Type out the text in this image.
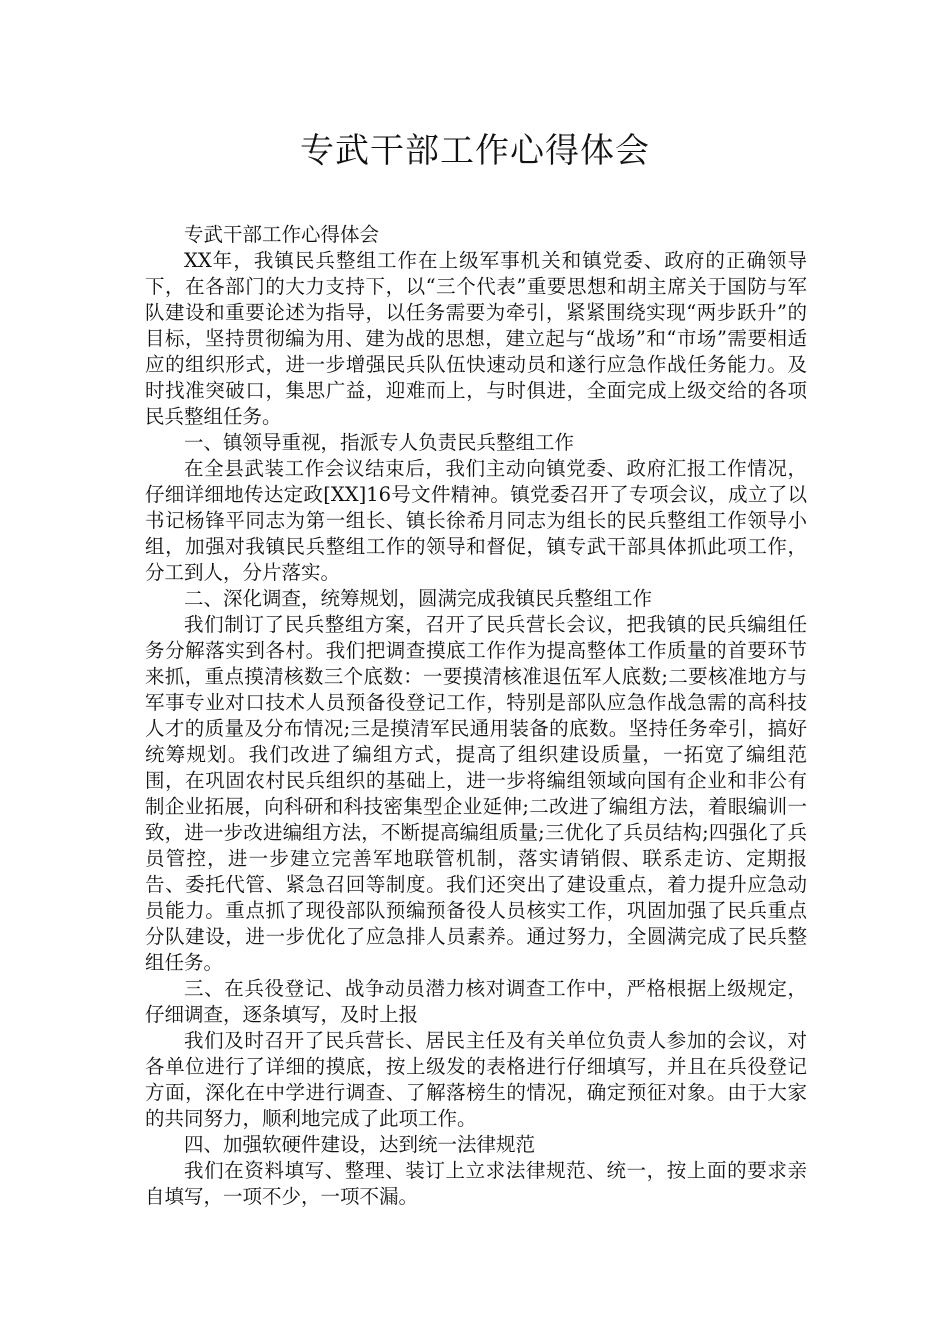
专武干部工作心得体会

专武干部工作心得体会

XX年，我镇民兵整组工作在上级军事机关和镇党委、政府的正确领导下，在各部门的大力支持下，以“三个代表”重要思想和胡主席关于国防与军队建设和重要论述为指导，以任务需要为牵引，紧紧围绕实现“两步跃升”的目标，坚持贯彻编为用、建为战的思想，建立起与“战场”和“市场”需要相适应的组织形式，进一步增强民兵队伍快速动员和遂行应急作战任务能力。及时找准突破口，集思广益，迎难而上，与时俱进，全面完成上级交给的各项民兵整组任务。

一、镇领导重视，指派专人负责民兵整组工作

在全县武装工作会议结束后，我们主动向镇党委、政府汇报工作情况，仔细详细地传达定政[XX]16号文件精神。镇党委召开了专项会议，成立了以书记杨锋平同志为第一组长、镇长徐希月同志为组长的民兵整组工作领导小组，加强对我镇民兵整组工作的领导和督促，镇专武干部具体抓此项工作，分工到人，分片落实。

二、深化调查，统筹规划，圆满完成我镇民兵整组工作

我们制订了民兵整组方案，召开了民兵营长会议，把我镇的民兵编组任务分解落实到各村。我们把调查摸底工作作为提高整体工作质量的首要环节来抓，重点摸清核数三个底数：一要摸清核准退伍军人底数;二要核准地方与军事专业对口技术人员预备役登记工作，特别是部队应急作战急需的高科技人才的质量及分布情况;三是摸清军民通用装备的底数。坚持任务牵引，搞好统筹规划。我们改进了编组方式，提高了组织建设质量，一拓宽了编组范围，在巩固农村民兵组织的基础上，进一步将编组领域向国有企业和非公有制企业拓展，向科研和科技密集型企业延伸;二改进了编组方法，着眼编训一致，进一步改进编组方法，不断提高编组质量;三优化了兵员结构;四强化了兵员管控，进一步建立完善军地联管机制，落实请销假、联系走访、定期报告、委托代管、紧急召回等制度。我们还突出了建设重点，着力提升应急动员能力。重点抓了现役部队预编预备役人员核实工作，巩固加强了民兵重点分队建设，进一步优化了应急排人员素养。通过努力，全圆满完成了民兵整组任务。

三、在兵役登记、战争动员潜力核对调查工作中，严格根据上级规定，仔细调查，逐条填写，及时上报

我们及时召开了民兵营长、居民主任及有关单位负责人参加的会议，对各单位进行了详细的摸底，按上级发的表格进行仔细填写，并且在兵役登记方面，深化在中学进行调查、了解落榜生的情况，确定预征对象。由于大家的共同努力，顺利地完成了此项工作。

四、加强软硬件建设，达到统一法律规范

我们在资料填写、整理、装订上立求法律规范、统一，按上面的要求亲自填写，一项不少，一项不漏。
